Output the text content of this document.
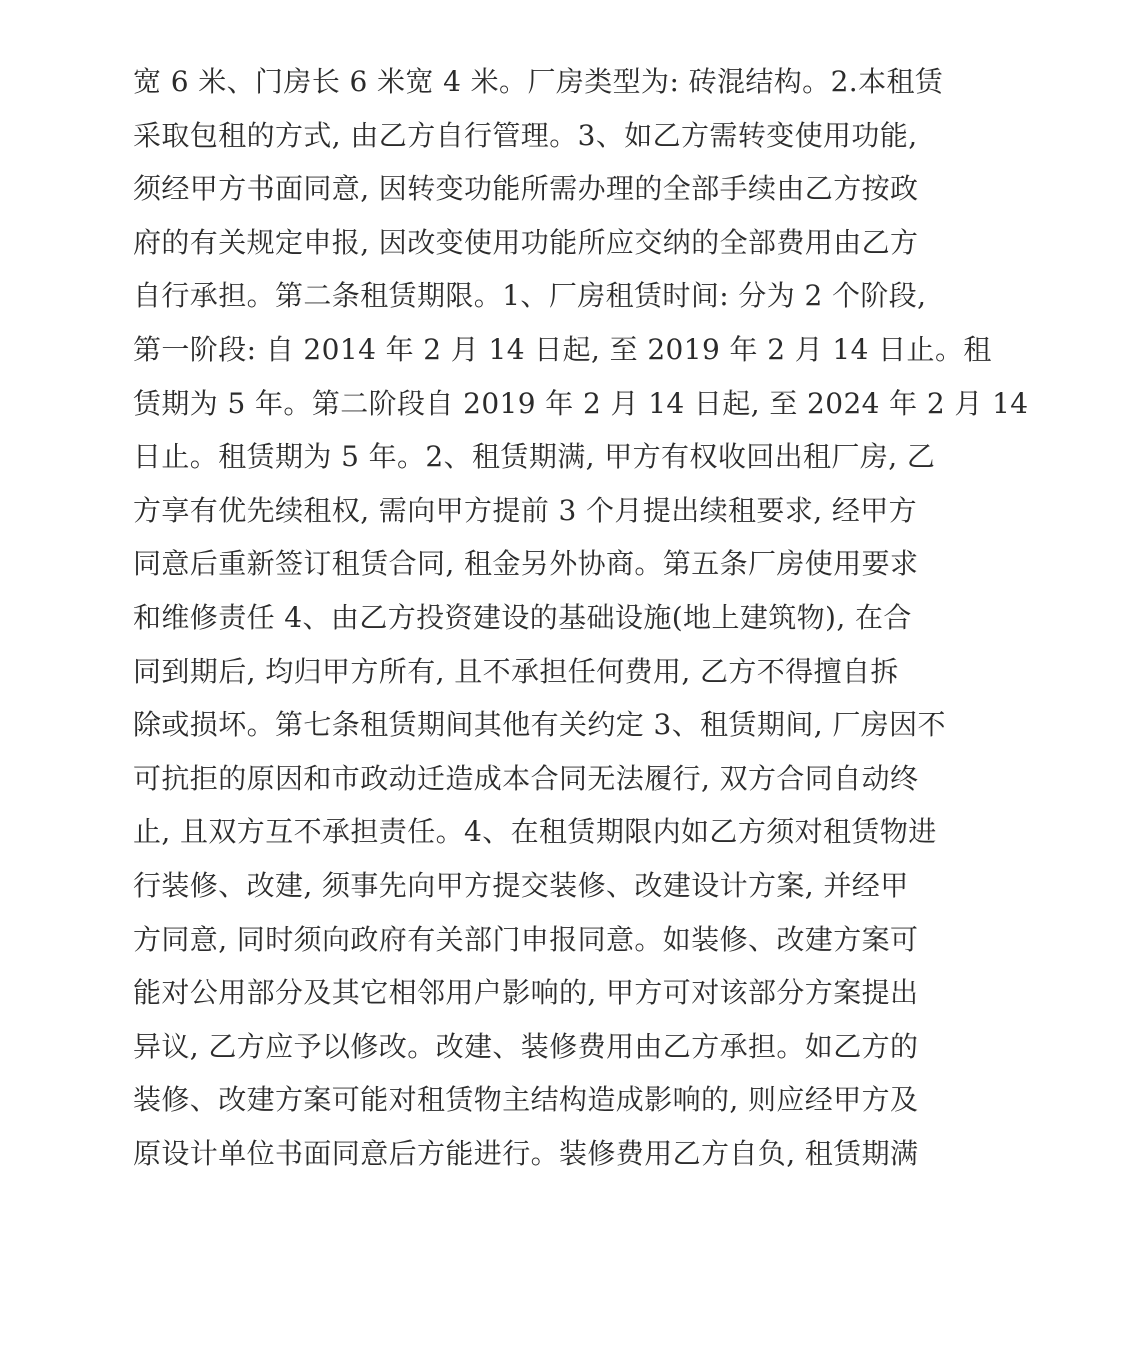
宽 6 米、门房长 6 米宽 4 米。厂房类型为: 砖混结构。2.本租赁
采取包租的方式, 由乙方自行管理。3、如乙方需转变使用功能,
须经甲方书面同意, 因转变功能所需办理的全部手续由乙方按政
府的有关规定申报, 因改变使用功能所应交纳的全部费用由乙方
自行承担。第二条租赁期限。1、厂房租赁时间: 分为 2 个阶段,
第一阶段: 自 2014 年 2 月 14 日起, 至 2019 年 2 月 14 日止。租
赁期为 5 年。第二阶段自 2019 年 2 月 14 日起, 至 2024 年 2 月 14
日止。租赁期为 5 年。2、租赁期满, 甲方有权收回出租厂房, 乙
方享有优先续租权, 需向甲方提前 3 个月提出续租要求, 经甲方
同意后重新签订租赁合同, 租金另外协商。第五条厂房使用要求
和维修责任 4、由乙方投资建设的基础设施(地上建筑物), 在合
同到期后, 均归甲方所有, 且不承担任何费用, 乙方不得擅自拆
除或损坏。第七条租赁期间其他有关约定 3、租赁期间, 厂房因不
可抗拒的原因和市政动迁造成本合同无法履行, 双方合同自动终
止, 且双方互不承担责任。4、在租赁期限内如乙方须对租赁物进
行装修、改建, 须事先向甲方提交装修、改建设计方案, 并经甲
方同意, 同时须向政府有关部门申报同意。如装修、改建方案可
能对公用部分及其它相邻用户影响的, 甲方可对该部分方案提出
异议, 乙方应予以修改。改建、装修费用由乙方承担。如乙方的
装修、改建方案可能对租赁物主结构造成影响的, 则应经甲方及
原设计单位书面同意后方能进行。装修费用乙方自负, 租赁期满
